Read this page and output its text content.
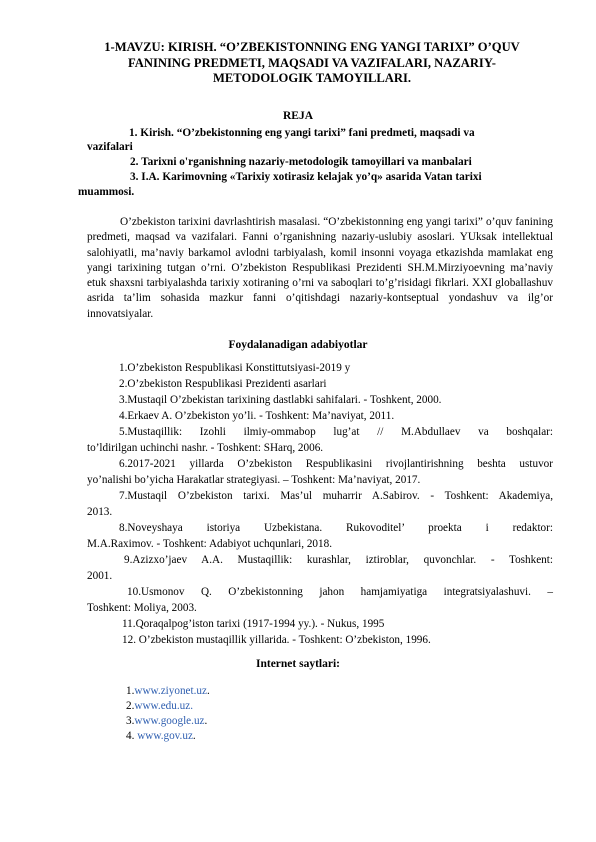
1-MAVZU: KIRISH. “O’ZBEKISTONNING ENG YANGI TARIXI” O’QUV
FANINING PREDMETI, MAQSADI VA VAZIFALARI, NAZARIY-
METODOLOGIK TAMOYILLARI.
REJA
1. Kirish. “O’zbekistonning eng yangi tarixi” fani predmeti, maqsadi va
vazifalari
2. Tarixni o'rganishning nazariy-metodologik tamoyillari va manbalari
3. I.A. Karimovning «Tarixiy xotirasiz kelajak yo’q» asarida Vatan tarixi
muammosi.
O’zbekiston tarixini davrlashtirish masalasi. “O’zbekistonning eng yangi tarixi” o’quv fanining predmeti, maqsad va vazifalari. Fanni o’rganishning nazariy-uslubiy asoslari. YUksak intellektual salohiyatli, ma’naviy barkamol avlodni tarbiyalash, komil insonni voyaga etkazishda mamlakat eng yangi tarixining tutgan o’rni. O’zbekiston Respublikasi Prezidenti SH.M.Mirziyoevning ma’naviy etuk shaxsni tarbiyalashda tarixiy xotiraning o’rni va saboqlari to’g’risidagi fikrlari. XXI globallashuv asrida ta’lim sohasida mazkur fanni o’qitishdagi nazariy-kontseptual yondashuv va ilg’or innovatsiyalar.
Foydalanadigan adabiyotlar
1.O’zbekiston Respublikasi Konstittutsiyasi-2019 y
2.O’zbekiston Respublikasi Prezidenti asarlari
3.Mustaqil O’zbekistan tarixining dastlabki sahifalari. - Toshkent, 2000.
4.Erkaev A. O’zbekiston yo’li. - Toshkent: Ma’naviyat, 2011.
5.Mustaqillik: Izohli ilmiy-ommabop lug’at // M.Abdullaev va boshqalar:
to’ldirilgan uchinchi nashr. - Toshkent: SHarq, 2006.
6.2017-2021 yillarda O’zbekiston Respublikasini rivojlantirishning beshta ustuvor
yo’nalishi bo’yicha Harakatlar strategiyasi. – Toshkent: Ma’naviyat, 2017.
7.Mustaqil O’zbekiston tarixi. Mas’ul muharrir A.Sabirov. - Toshkent: Akademiya,
2013.
8.Noveyshaya istoriya Uzbekistana. Rukovoditel’ proekta i redaktor:
M.A.Raximov. - Toshkent: Adabiyot uchqunlari, 2018.
9.Azizxo’jaev A.A. Mustaqillik: kurashlar, iztiroblar, quvonchlar. - Toshkent:
2001.
10.Usmonov Q. O’zbekistonning jahon hamjamiyatiga integratsiyalashuvi. –
Toshkent: Moliya, 2003.
11.Qoraqalpog’iston tarixi (1917-1994 yy.). - Nukus, 1995
12. O’zbekiston mustaqillik yillarida. - Toshkent: O’zbekiston, 1996.
Internet saytlari:
1.www.ziyonet.uz.
2.www.edu.uz.
3.www.google.uz.
4. www.gov.uz.
